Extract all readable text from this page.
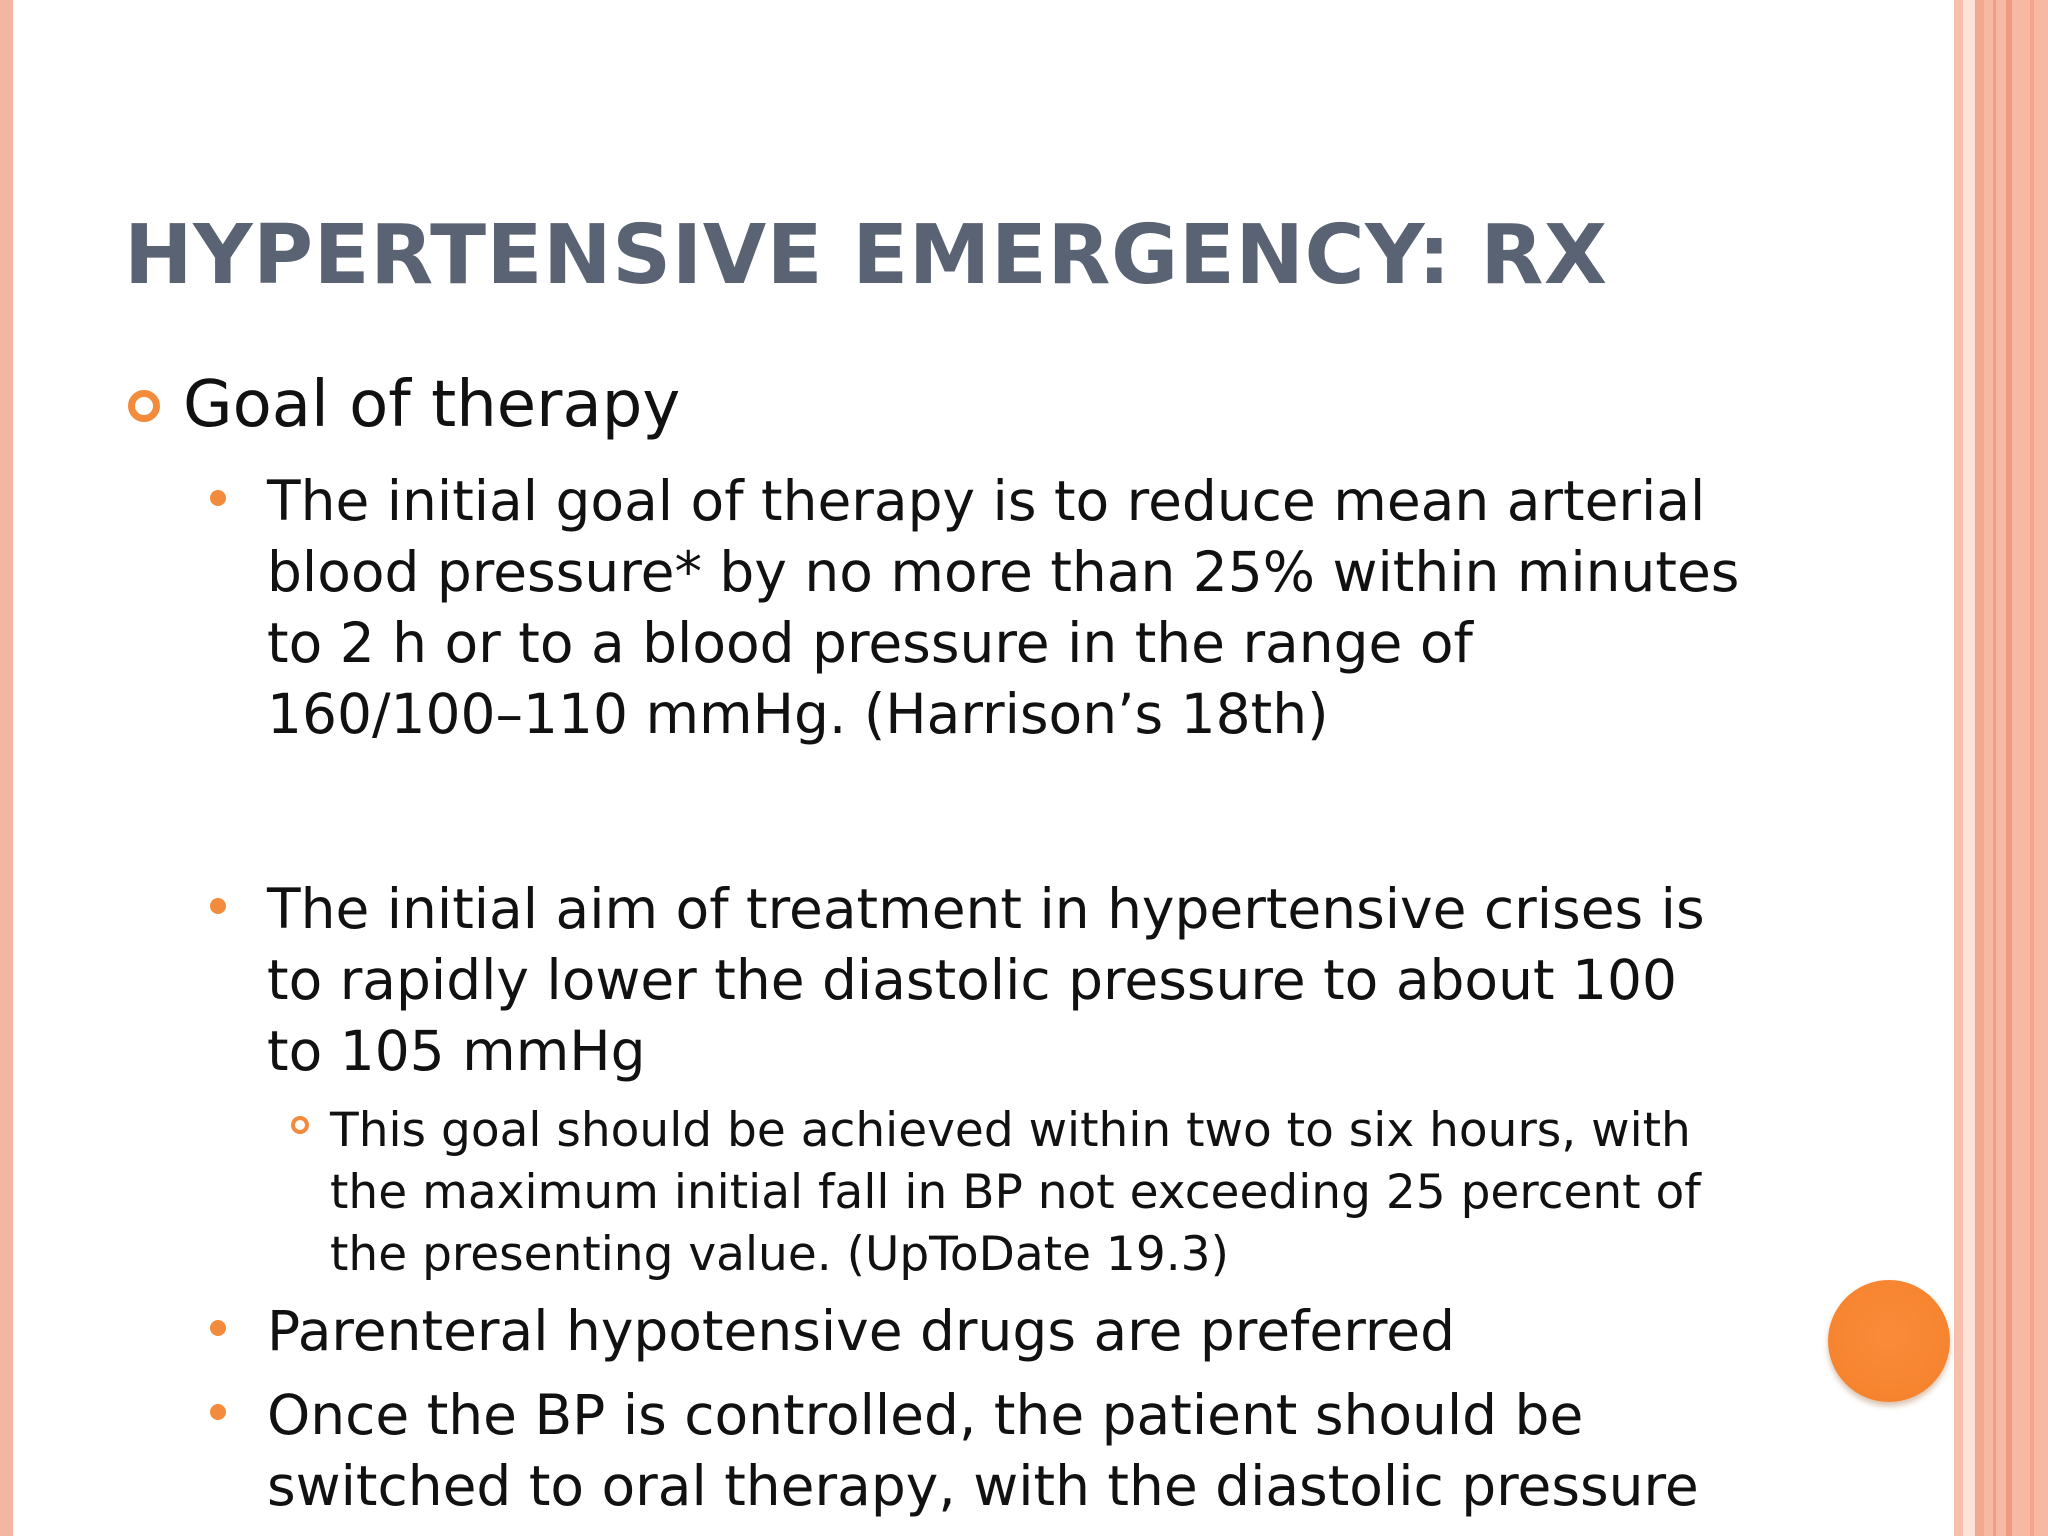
HYPERTENSIVE EMERGENCY: RX
Goal of therapy

The initial goal of therapy is to reduce mean arterial
blood pressure* by no more than 25% within minutes
to 2 h or to a blood pressure in the range of
160/100–110 mmHg. (Harrison’s 18th)

The initial aim of treatment in hypertensive crises is
to rapidly lower the diastolic pressure to about 100
to 105 mmHg

This goal should be achieved within two to six hours, with
the maximum initial fall in BP not exceeding 25 percent of
the presenting value. (UpToDate 19.3)

Parenteral hypotensive drugs are preferred

Once the BP is controlled, the patient should be
switched to oral therapy, with the diastolic pressure
